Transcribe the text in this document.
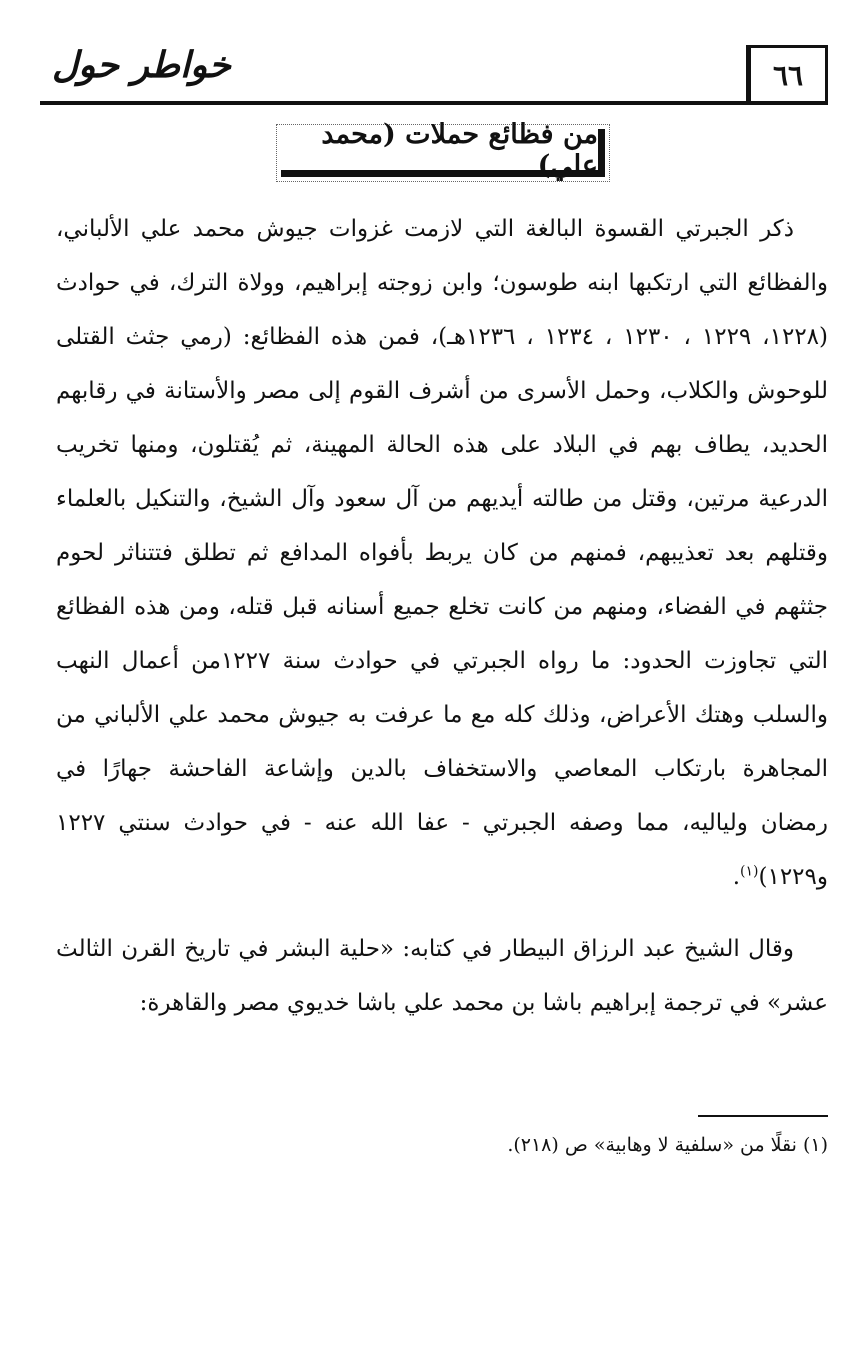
٦٦
خواطر حول
من فظائع حملات (محمد علي)

ذكر الجبرتي القسوة البالغة التي لازمت غزوات جيوش محمد علي الألباني، والفظائع التي ارتكبها ابنه طوسون؛ وابن زوجته إبراهيم، وولاة الترك، في حوادث (١٢٢٨، ١٢٢٩ ، ١٢٣٠ ، ١٢٣٤ ، ١٢٣٦هـ)، فمن هذه الفظائع: (رمي جثث القتلى للوحوش والكلاب، وحمل الأسرى من أشرف القوم إلى مصر والأستانة في رقابهم الحديد، يطاف بهم في البلاد على هذه الحالة المهينة، ثم يُقتلون، ومنها تخريب الدرعية مرتين، وقتل من طالته أيديهم من آل سعود وآل الشيخ، والتنكيل بالعلماء وقتلهم بعد تعذيبهم، فمنهم من كان يربط بأفواه المدافع ثم تطلق فتتناثر لحوم جثثهم في الفضاء، ومنهم من كانت تخلع جميع أسنانه قبل قتله، ومن هذه الفظائع التي تجاوزت الحدود: ما رواه الجبرتي في حوادث سنة ١٢٢٧من أعمال النهب والسلب وهتك الأعراض، وذلك كله مع ما عرفت به جيوش محمد علي الألباني من المجاهرة بارتكاب المعاصي والاستخفاف بالدين وإشاعة الفاحشة جهارًا في رمضان ولياليه، مما وصفه الجبرتي - عفا الله عنه - في حوادث سنتي ١٢٢٧ و١٢٢٩)$^{(١)}$.

وقال الشيخ عبد الرزاق البيطار في كتابه: «حلية البشر في تاريخ القرن الثالث عشر» في ترجمة إبراهيم باشا بن محمد علي باشا خديوي مصر والقاهرة:

(١) نقلًا من «سلفية لا وهابية» ص (٢١٨).
